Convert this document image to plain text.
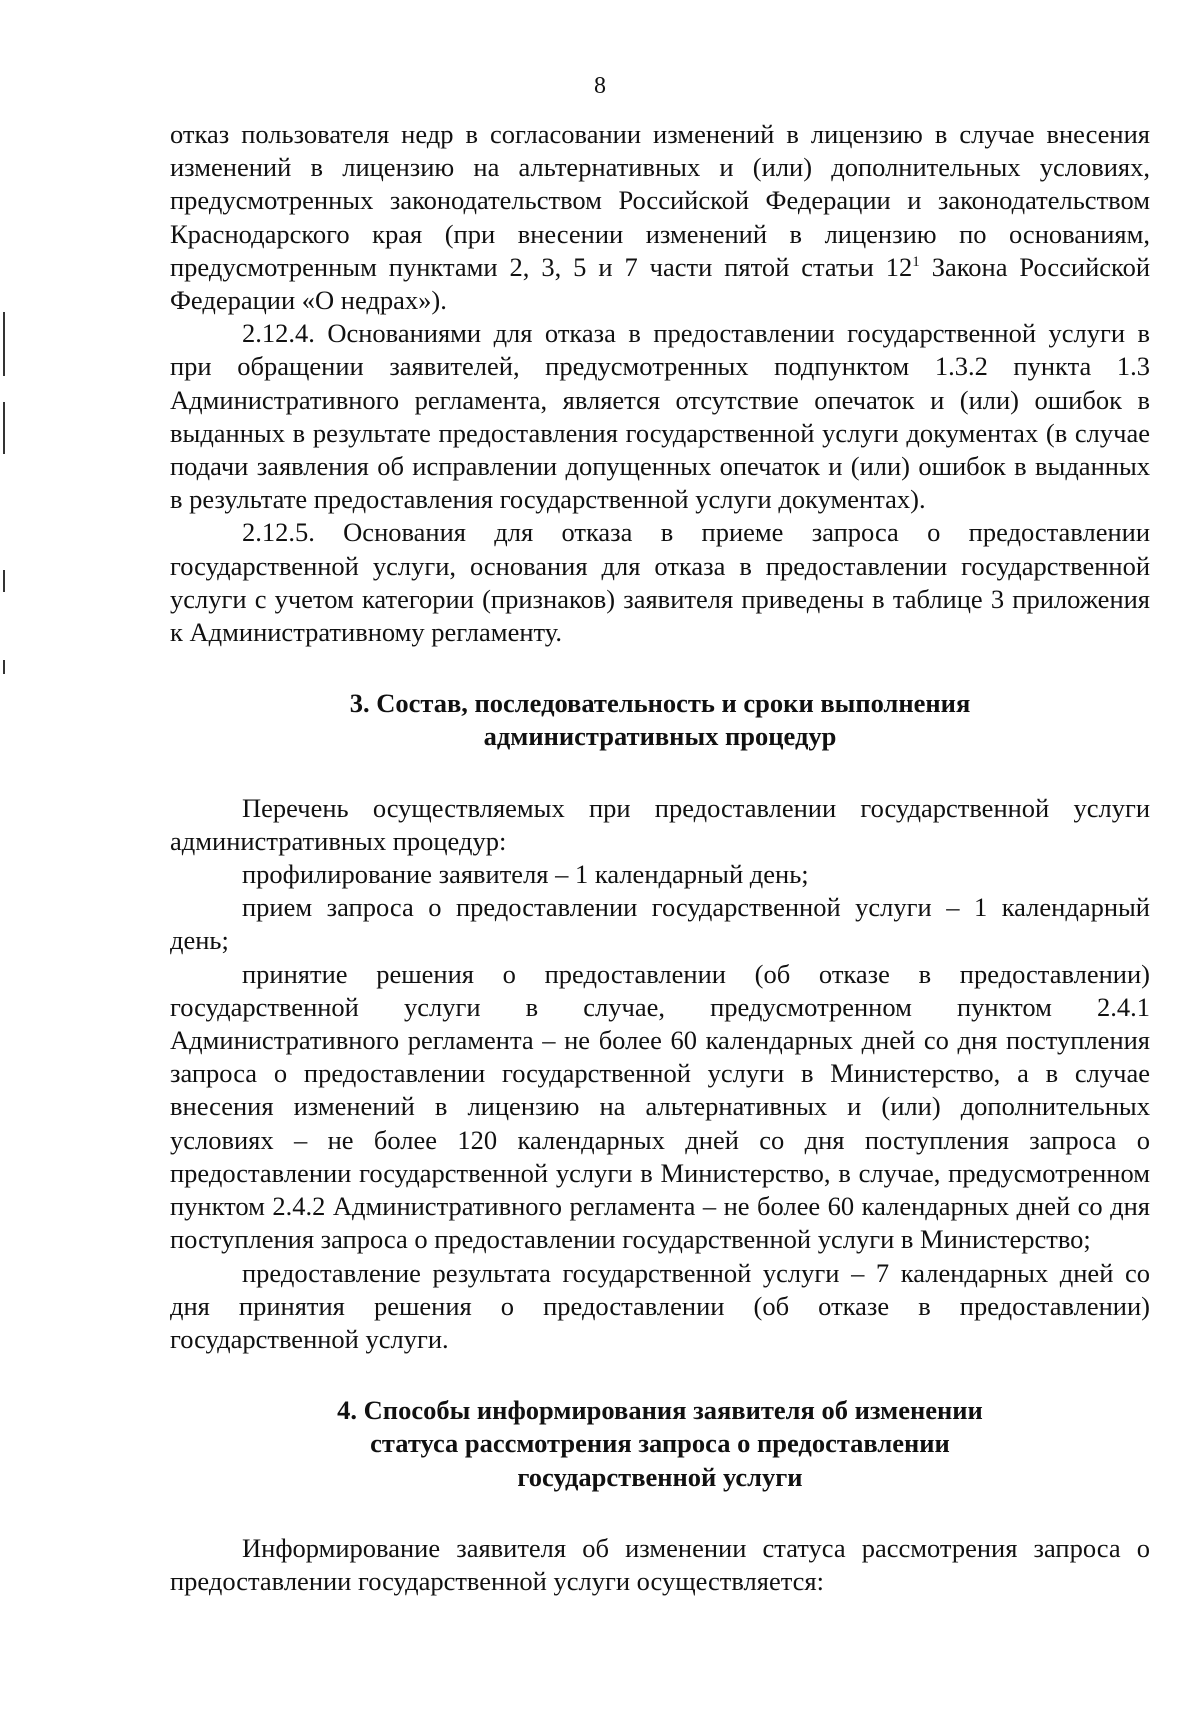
8

отказ пользователя недр в согласовании изменений в лицензию в случае внесения изменений в лицензию на альтернативных и (или) дополнительных условиях, предусмотренных законодательством Российской Федерации и законодательством Краснодарского края (при внесении изменений в лицензию по основаниям, предусмотренным пунктами 2, 3, 5 и 7 части пятой статьи $12^1$ Закона Российской Федерации «О недрах»).

2.12.4. Основаниями для отказа в предоставлении государственной услуги в при обращении заявителей, предусмотренных подпунктом 1.3.2 пункта 1.3 Административного регламента, является отсутствие опечаток и (или) ошибок в выданных в результате предоставления государственной услуги документах (в случае подачи заявления об исправлении допущенных опечаток и (или) ошибок в выданных в результате предоставления государственной услуги документах).

2.12.5. Основания для отказа в приеме запроса о предоставлении государственной услуги, основания для отказа в предоставлении государственной услуги с учетом категории (признаков) заявителя приведены в таблице 3 приложения к Административному регламенту.

3. Состав, последовательность и сроки выполнения
административных процедур

Перечень осуществляемых при предоставлении государственной услуги административных процедур:

профилирование заявителя – 1 календарный день;

прием запроса о предоставлении государственной услуги – 1 календарный день;

принятие решения о предоставлении (об отказе в предоставлении) государственной услуги в случае, предусмотренном пунктом 2.4.1 Административного регламента – не более 60 календарных дней со дня поступления запроса о предоставлении государственной услуги в Министерство, а в случае внесения изменений в лицензию на альтернативных и (или) дополнительных условиях – не более 120 календарных дней со дня поступления запроса о предоставлении государственной услуги в Министерство, в случае, предусмотренном пунктом 2.4.2 Административного регламента – не более 60 календарных дней со дня поступления запроса о предоставлении государственной услуги в Министерство;

предоставление результата государственной услуги – 7 календарных дней со дня принятия решения о предоставлении (об отказе в предоставлении) государственной услуги.

4. Способы информирования заявителя об изменении
статуса рассмотрения запроса о предоставлении
государственной услуги

Информирование заявителя об изменении статуса рассмотрения запроса о предоставлении государственной услуги осуществляется:
